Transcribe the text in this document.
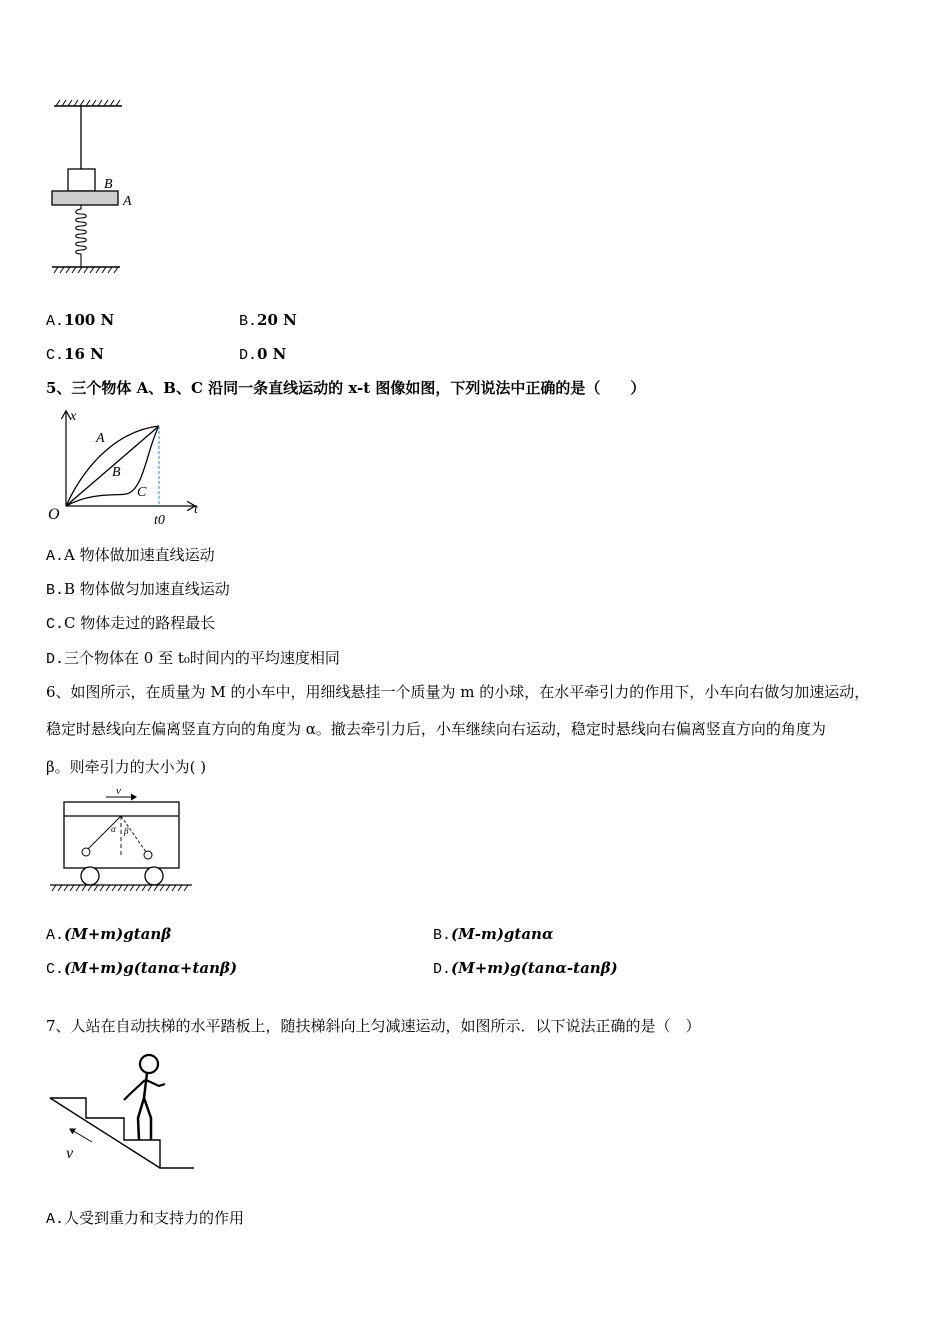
B
A
A.100 N	B.20 N
C.16 N	D.0 N
5、三个物体 A、B、C 沿同一条直线运动的 x-t 图像如图，下列说法中正确的是（　　）
x
t
O	t0
A
B
C
A.A 物体做加速直线运动
B.B 物体做匀加速直线运动
C.C 物体走过的路程最长
D.三个物体在 0 至 t₀时间内的平均速度相同
6、如图所示，在质量为 M 的小车中，用细线悬挂一个质量为 m 的小球，在水平牵引力的作用下，小车向右做匀加速运动，
稳定时悬线向左偏离竖直方向的角度为 α。撤去牵引力后，小车继续向右运动，稳定时悬线向右偏离竖直方向的角度为
β。则牵引力的大小为( )
v
α β
A.(M+m)gtanβ	B.(M-m)gtanα
C.(M+m)g(tanα+tanβ)	D.(M+m)g(tanα-tanβ)
7、人站在自动扶梯的水平踏板上，随扶梯斜向上匀减速运动，如图所示．以下说法正确的是（　）
v
A.人受到重力和支持力的作用
